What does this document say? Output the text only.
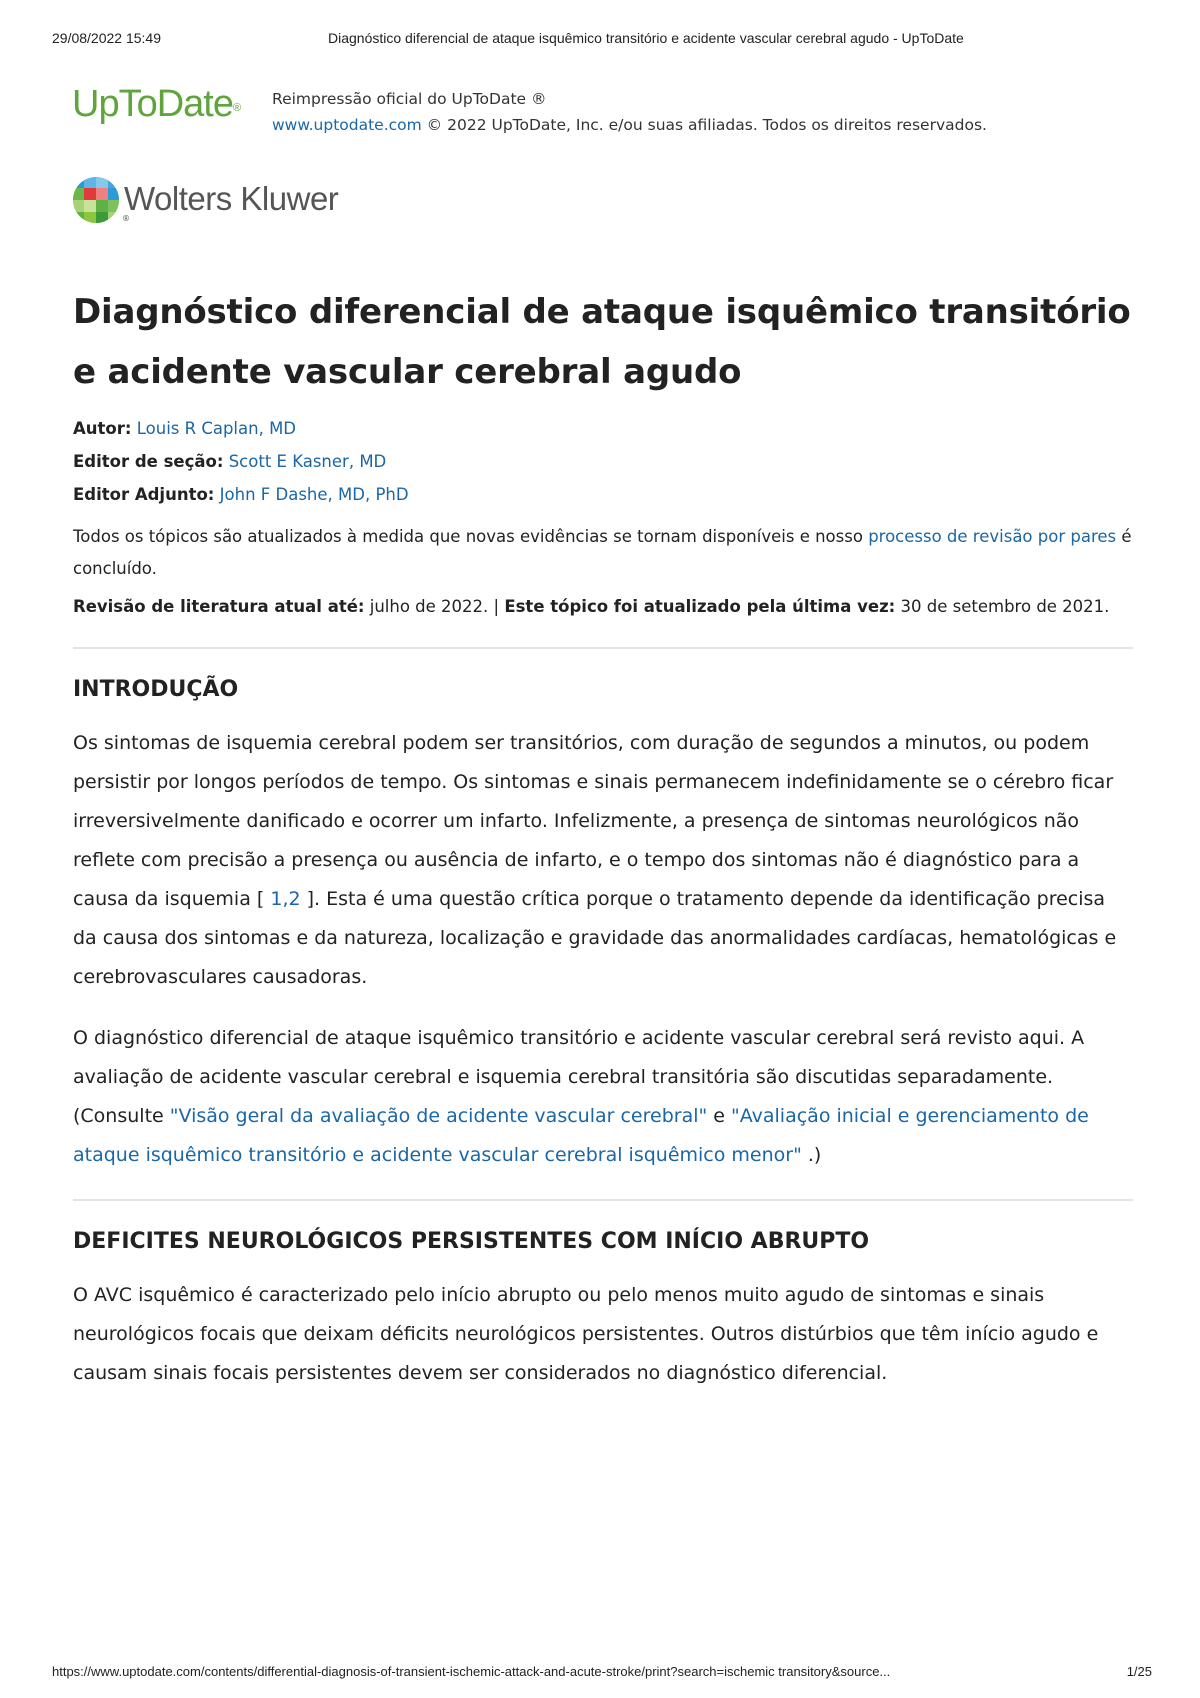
29/08/2022 15:49	Diagnóstico diferencial de ataque isquêmico transitório e acidente vascular cerebral agudo - UpToDate
UpToDate® Reimpressão oficial do UpToDate ®
www.uptodate.com © 2022 UpToDate, Inc. e/ou suas afiliadas. Todos os direitos reservados.
®
Wolters Kluwer
Diagnóstico diferencial de ataque isquêmico transitório e acidente vascular cerebral agudo
Autor: Louis R Caplan, MD
Editor de seção: Scott E Kasner, MD
Editor Adjunto: John F Dashe, MD, PhD
Todos os tópicos são atualizados à medida que novas evidências se tornam disponíveis e nosso processo de revisão por pares é concluído.
Revisão de literatura atual até: julho de 2022. | Este tópico foi atualizado pela última vez: 30 de setembro de 2021.
INTRODUÇÃO

Os sintomas de isquemia cerebral podem ser transitórios, com duração de segundos a minutos, ou podem persistir por longos períodos de tempo. Os sintomas e sinais permanecem indefinidamente se o cérebro ficar irreversivelmente danificado e ocorrer um infarto. Infelizmente, a presença de sintomas neurológicos não reflete com precisão a presença ou ausência de infarto, e o tempo dos sintomas não é diagnóstico para a causa da isquemia [ 1,2 ]. Esta é uma questão crítica porque o tratamento depende da identificação precisa da causa dos sintomas e da natureza, localização e gravidade das anormalidades cardíacas, hematológicas e cerebrovasculares causadoras.

O diagnóstico diferencial de ataque isquêmico transitório e acidente vascular cerebral será revisto aqui. A avaliação de acidente vascular cerebral e isquemia cerebral transitória são discutidas separadamente. (Consulte "Visão geral da avaliação de acidente vascular cerebral" e "Avaliação inicial e gerenciamento de ataque isquêmico transitório e acidente vascular cerebral isquêmico menor" .)

DEFICITES NEUROLÓGICOS PERSISTENTES COM INÍCIO ABRUPTO

O AVC isquêmico é caracterizado pelo início abrupto ou pelo menos muito agudo de sintomas e sinais neurológicos focais que deixam déficits neurológicos persistentes. Outros distúrbios que têm início agudo e causam sinais focais persistentes devem ser considerados no diagnóstico diferencial.

https://www.uptodate.com/contents/differential-diagnosis-of-transient-ischemic-attack-and-acute-stroke/print?search=ischemic transitory&source...	1/25
